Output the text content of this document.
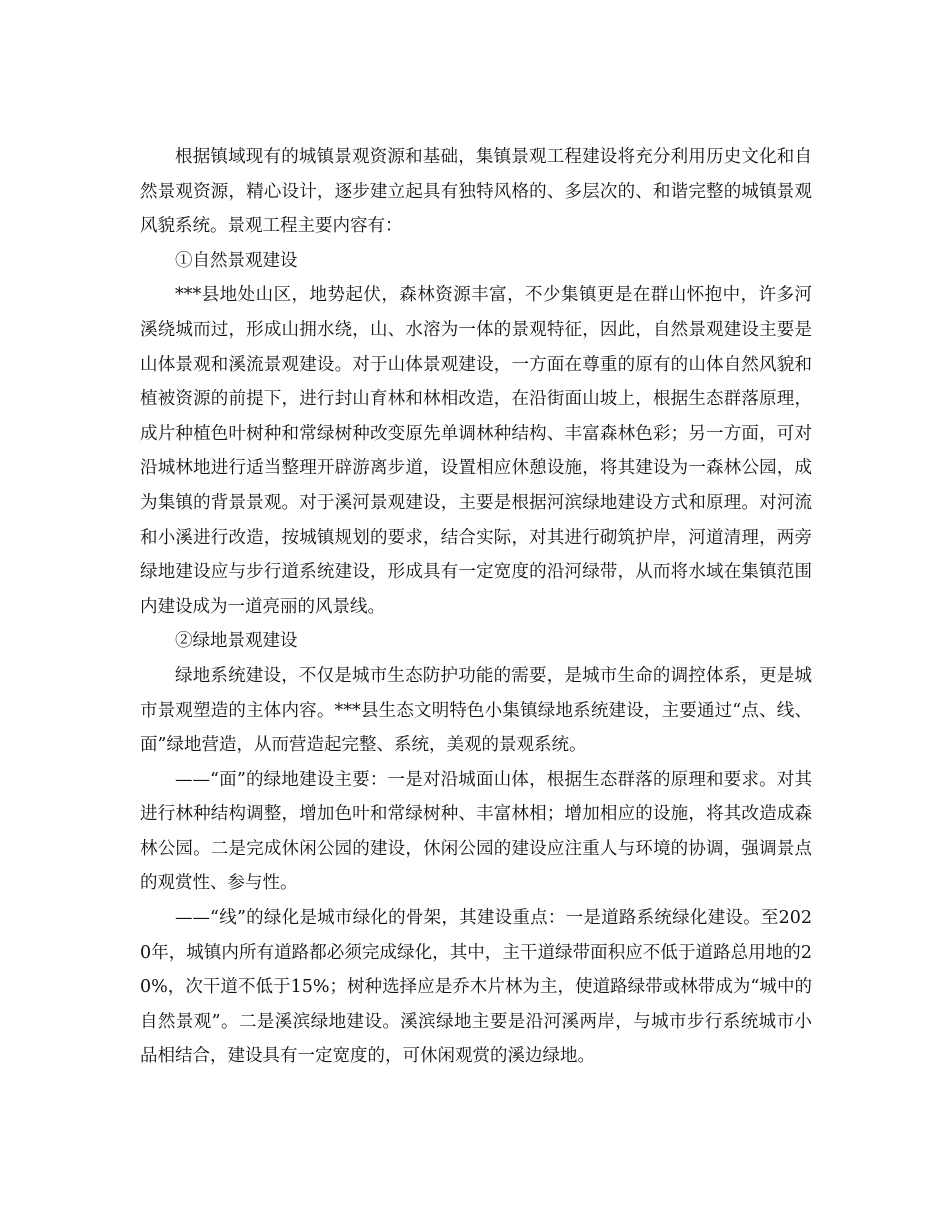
根据镇域现有的城镇景观资源和基础，集镇景观工程建设将充分利用历史文化和自然景观资源，精心设计，逐步建立起具有独特风格的、多层次的、和谐完整的城镇景观风貌系统。景观工程主要内容有：

①自然景观建设

***县地处山区，地势起伏，森林资源丰富，不少集镇更是在群山怀抱中，许多河溪绕城而过，形成山拥水绕，山、水溶为一体的景观特征，因此，自然景观建设主要是山体景观和溪流景观建设。对于山体景观建设，一方面在尊重的原有的山体自然风貌和植被资源的前提下，进行封山育林和林相改造，在沿街面山坡上，根据生态群落原理，成片种植色叶树种和常绿树种改变原先单调林种结构、丰富森林色彩；另一方面，可对沿城林地进行适当整理开辟游离步道，设置相应休憩设施，将其建设为一森林公园，成为集镇的背景景观。对于溪河景观建设，主要是根据河滨绿地建设方式和原理。对河流和小溪进行改造，按城镇规划的要求，结合实际，对其进行砌筑护岸，河道清理，两旁绿地建设应与步行道系统建设，形成具有一定宽度的沿河绿带，从而将水域在集镇范围内建设成为一道亮丽的风景线。

②绿地景观建设

绿地系统建设，不仅是城市生态防护功能的需要，是城市生命的调控体系，更是城市景观塑造的主体内容。***县生态文明特色小集镇绿地系统建设，主要通过“点、线、面”绿地营造，从而营造起完整、系统，美观的景观系统。

——“面”的绿地建设主要：一是对沿城面山体，根据生态群落的原理和要求。对其进行林种结构调整，增加色叶和常绿树种、丰富林相；增加相应的设施，将其改造成森林公园。二是完成休闲公园的建设，休闲公园的建设应注重人与环境的协调，强调景点的观赏性、参与性。

——“线”的绿化是城市绿化的骨架，其建设重点：一是道路系统绿化建设。至2020年，城镇内所有道路都必须完成绿化，其中，主干道绿带面积应不低于道路总用地的20%，次干道不低于15%；树种选择应是乔木片林为主，使道路绿带或林带成为“城中的自然景观”。二是溪滨绿地建设。溪滨绿地主要是沿河溪两岸，与城市步行系统城市小品相结合，建设具有一定宽度的，可休闲观赏的溪边绿地。
